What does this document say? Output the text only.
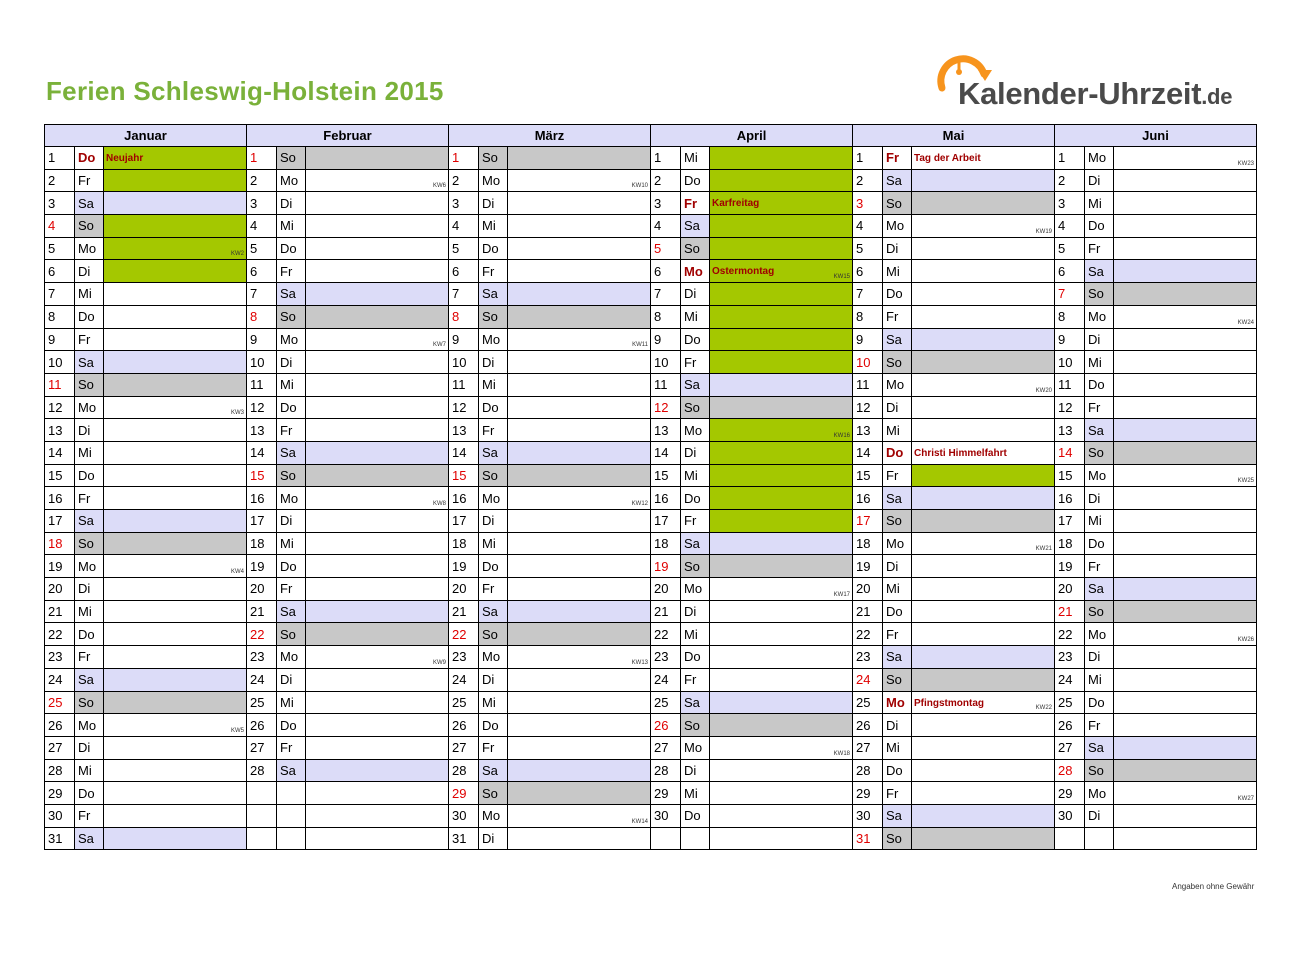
Ferien Schleswig-Holstein 2015	Kalender-Uhrzeit.de
Januar			Februar			März			April			Mai			Juni		
1	Do	Neujahr	1	So		1	So		1	Mi		1	Fr	Tag der Arbeit	1	Mo	KW23

2	Fr		2	Mo	KW6	2	Mo	KW10	2	Do		2	Sa		2	Di	
3	Sa		3	Di		3	Di		3	Fr	Karfreitag	3	So		3	Mi	
4	So		4	Mi		4	Mi		4	Sa		4	Mo	KW19	4	Do	
5	Mo	KW2	5	Do		5	Do		5	So		5	Di		5	Fr	
6	Di		6	Fr		6	Fr		6	Mo	Ostermontag KW15	6	Mi		6	Sa	
7	Mi		7	Sa		7	Sa		7	Di		7	Do		7	So	
8	Do		8	So		8	So		8	Mi		8	Fr		8	Mo	KW24

9	Fr		9	Mo	KW7	9	Mo	KW11	9	Do		9	Sa		9	Di	
10	Sa		10	Di		10	Di		10	Fr		10	So		10	Mi	
11	So		11	Mi		11	Mi		11	Sa		11	Mo	KW20	11	Do	
12	Mo	KW3	12	Do		12	Do		12	So		12	Di		12	Fr	
13	Di		13	Fr		13	Fr		13	Mo	KW16	13	Mi		13	Sa	
14	Mi		14	Sa		14	Sa		14	Di		14	Do	Christi Himmelfahrt	14	So	
15	Do		15	So		15	So		15	Mi		15	Fr		15	Mo	KW25

16	Fr		16	Mo	KW8	16	Mo	KW12	16	Do		16	Sa		16	Di	
17	Sa		17	Di		17	Di		17	Fr		17	So		17	Mi	
18	So		18	Mi		18	Mi		18	Sa		18	Mo	KW21	18	Do	
19	Mo	KW4	19	Do		19	Do		19	So		19	Di		19	Fr	
20	Di		20	Fr		20	Fr		20	Mo	KW17	20	Mi		20	Sa	
21	Mi		21	Sa		21	Sa		21	Di		21	Do		21	So	
22	Do		22	So		22	So		22	Mi		22	Fr		22	Mo	KW26

23	Fr		23	Mo	KW9	23	Mo	KW13	23	Do		23	Sa		23	Di	
24	Sa		24	Di		24	Di		24	Fr		24	So		24	Mi	
25	So		25	Mi		25	Mi		25	Sa		25	Mo	Pfingstmontag KW22	25	Do	
26	Mo	KW5	26	Do		26	Do		26	So		26	Di		26	Fr	
27	Di		27	Fr		27	Fr		27	Mo	KW18	27	Mi		27	Sa	
28	Mi		28	Sa		28	Sa		28	Di		28	Do		28	So	
29	Do					29	So		29	Mi		29	Fr		29	Mo	KW27

30	Fr					30	Mo	KW14	30	Do		30	Sa		30	Di	
31	Sa					31	Di					31	So				
Angaben ohne Gewähr
